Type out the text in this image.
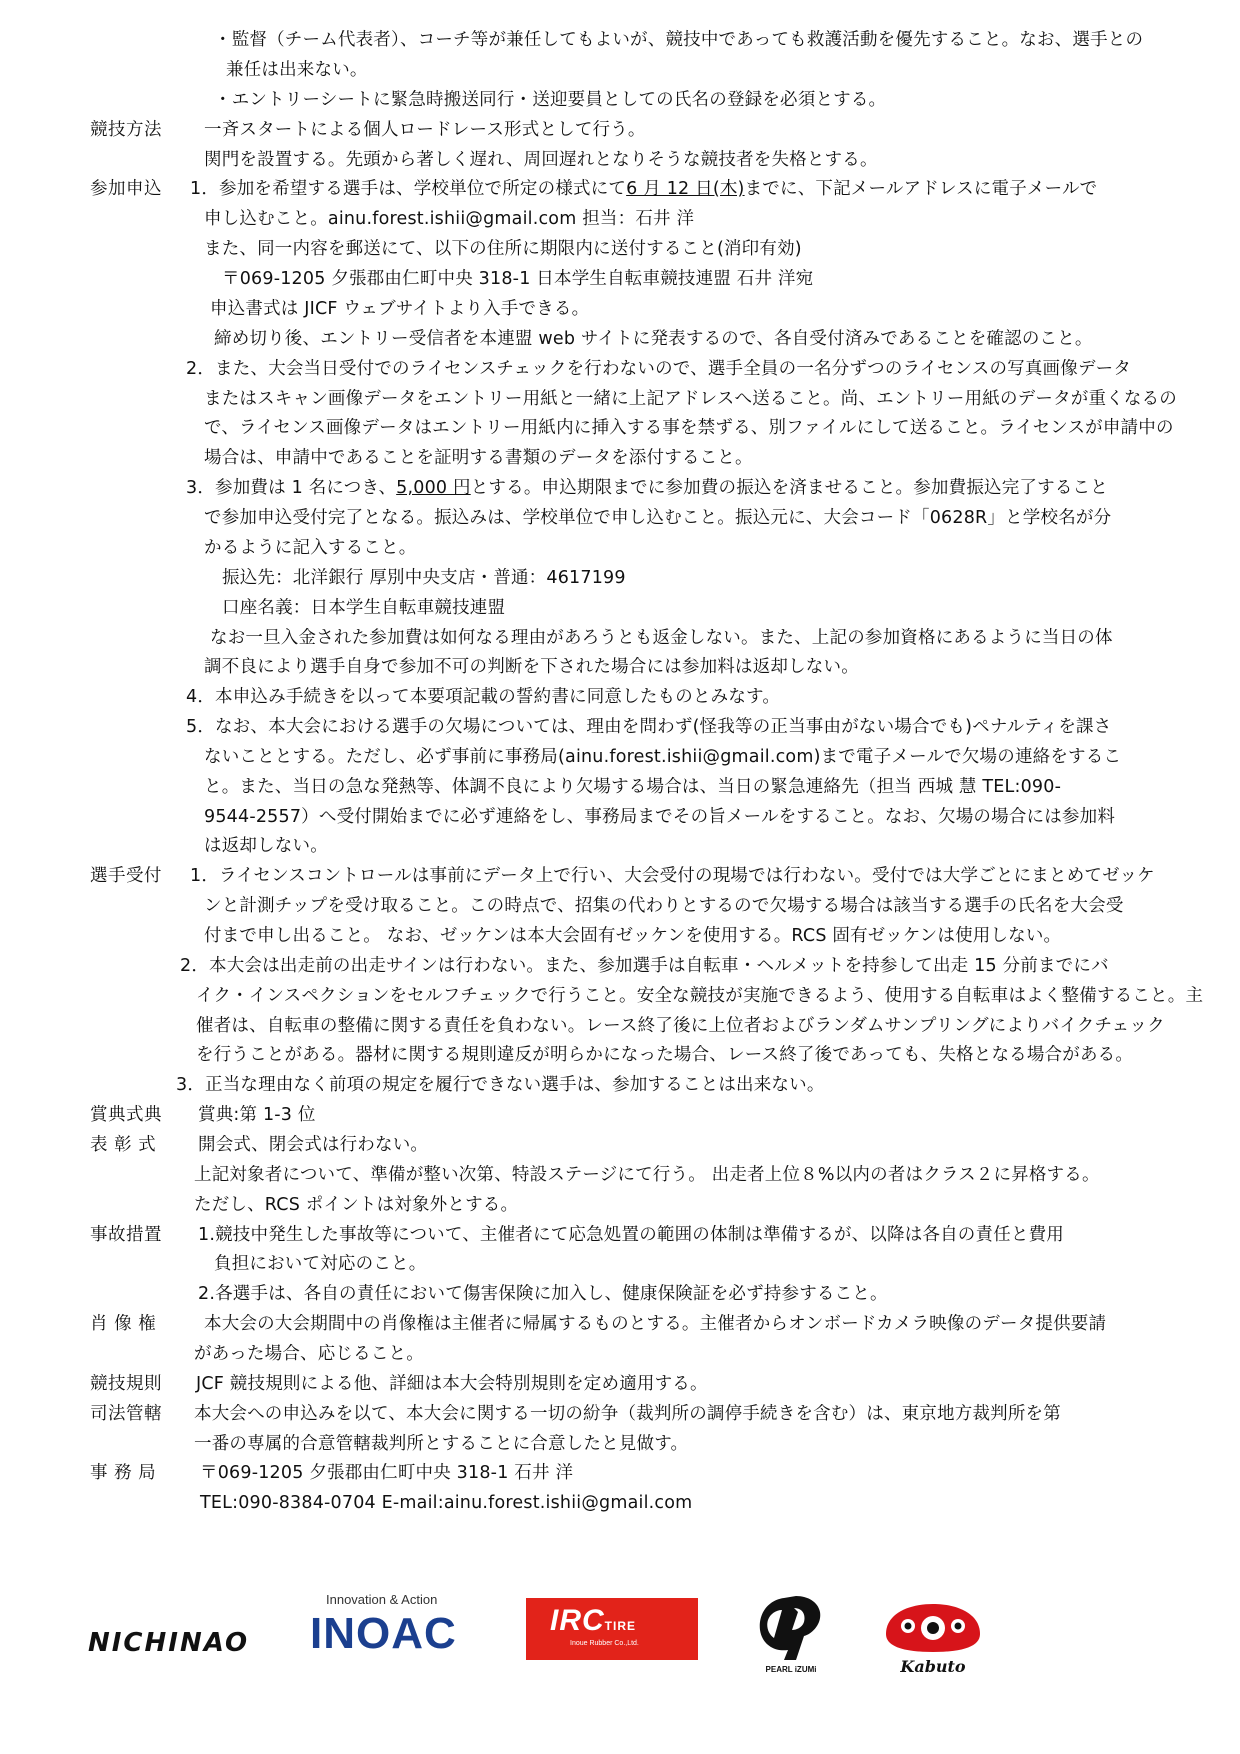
・監督（チーム代表者）、コーチ等が兼任してもよいが、競技中であっても救護活動を優先すること。なお、選手との
兼任は出来ない。
・エントリーシートに緊急時搬送同行・送迎要員としての氏名の登録を必須とする。
一斉スタートによる個人ロードレース形式として行う。
関門を設置する。先頭から著しく遅れ、周回遅れとなりそうな競技者を失格とする。
1．参加を希望する選手は、学校単位で所定の様式にて6 月 12 日(木)までに、下記メールアドレスに電子メールで
申し込むこと。ainu.forest.ishii@gmail.com 担当：石井 洋
また、同一内容を郵送にて、以下の住所に期限内に送付すること(消印有効)
〒069-1205 夕張郡由仁町中央 318-1 日本学生自転車競技連盟 石井 洋宛
申込書式は JICF ウェブサイトより入手できる。
締め切り後、エントリー受信者を本連盟 web サイトに発表するので、各自受付済みであることを確認のこと。
2．また、大会当日受付でのライセンスチェックを行わないので、選手全員の一名分ずつのライセンスの写真画像データ
またはスキャン画像データをエントリー用紙と一緒に上記アドレスへ送ること。尚、エントリー用紙のデータが重くなるの
で、ライセンス画像データはエントリー用紙内に挿入する事を禁ずる、別ファイルにして送ること。ライセンスが申請中の
場合は、申請中であることを証明する書類のデータを添付すること。
3．参加費は 1 名につき、5,000 円とする。申込期限までに参加費の振込を済ませること。参加費振込完了すること
で参加申込受付完了となる。振込みは、学校単位で申し込むこと。振込元に、大会コード「0628R」と学校名が分
かるように記入すること。
振込先：北洋銀行 厚別中央支店・普通：4617199
口座名義：日本学生自転車競技連盟
なお一旦入金された参加費は如何なる理由があろうとも返金しない。また、上記の参加資格にあるように当日の体
調不良により選手自身で参加不可の判断を下された場合には参加料は返却しない。
4．本申込み手続きを以って本要項記載の誓約書に同意したものとみなす。
5．なお、本大会における選手の欠場については、理由を問わず(怪我等の正当事由がない場合でも)ペナルティを課さ
ないこととする。ただし、必ず事前に事務局(ainu.forest.ishii@gmail.com)まで電子メールで欠場の連絡をするこ
と。また、当日の急な発熱等、体調不良により欠場する場合は、当日の緊急連絡先（担当 西城 慧 TEL:090-
9544-2557）へ受付開始までに必ず連絡をし、事務局までその旨メールをすること。なお、欠場の場合には参加料
は返却しない。
1．ライセンスコントロールは事前にデータ上で行い、大会受付の現場では行わない。受付では大学ごとにまとめてゼッケ
ンと計測チップを受け取ること。この時点で、招集の代わりとするので欠場する場合は該当する選手の氏名を大会受
付まで申し出ること。 なお、ゼッケンは本大会固有ゼッケンを使用する。RCS 固有ゼッケンは使用しない。
2．本大会は出走前の出走サインは行わない。また、参加選手は自転車・ヘルメットを持参して出走 15 分前までにバ
イク・インスペクションをセルフチェックで行うこと。安全な競技が実施できるよう、使用する自転車はよく整備すること。主
催者は、自転車の整備に関する責任を負わない。レース終了後に上位者およびランダムサンプリングによりバイクチェック
を行うことがある。器材に関する規則違反が明らかになった場合、レース終了後であっても、失格となる場合がある。
3．正当な理由なく前項の規定を履行できない選手は、参加することは出来ない。
賞典:第 1-3 位
開会式、閉会式は行わない。
上記対象者について、準備が整い次第、特設ステージにて行う。 出走者上位８%以内の者はクラス２に昇格する。
ただし、RCS ポイントは対象外とする。
1.競技中発生した事故等について、主催者にて応急処置の範囲の体制は準備するが、以降は各自の責任と費用
負担において対応のこと。
2.各選手は、各自の責任において傷害保険に加入し、健康保険証を必ず持参すること。
本大会の大会期間中の肖像権は主催者に帰属するものとする。主催者からオンボードカメラ映像のデータ提供要請
があった場合、応じること。
JCF 競技規則による他、詳細は本大会特別規則を定め適用する。
本大会への申込みを以て、本大会に関する一切の紛争（裁判所の調停手続きを含む）は、東京地方裁判所を第
一番の専属的合意管轄裁判所とすることに合意したと見做す。
〒069-1205 夕張郡由仁町中央 318-1 石井 洋
TEL:090-8384-0704 E-mail:ainu.forest.ishii@gmail.com
競技方法
参加申込
選手受付
賞典式典
表 彰 式
事故措置
肖 像 権
競技規則
司法管轄
事 務 局
NICHINAO
Innovation & Action
INOAC	IRCTIRE
Inoue Rubber Co.,Ltd.
PEARL iZUMi	Kabuto
